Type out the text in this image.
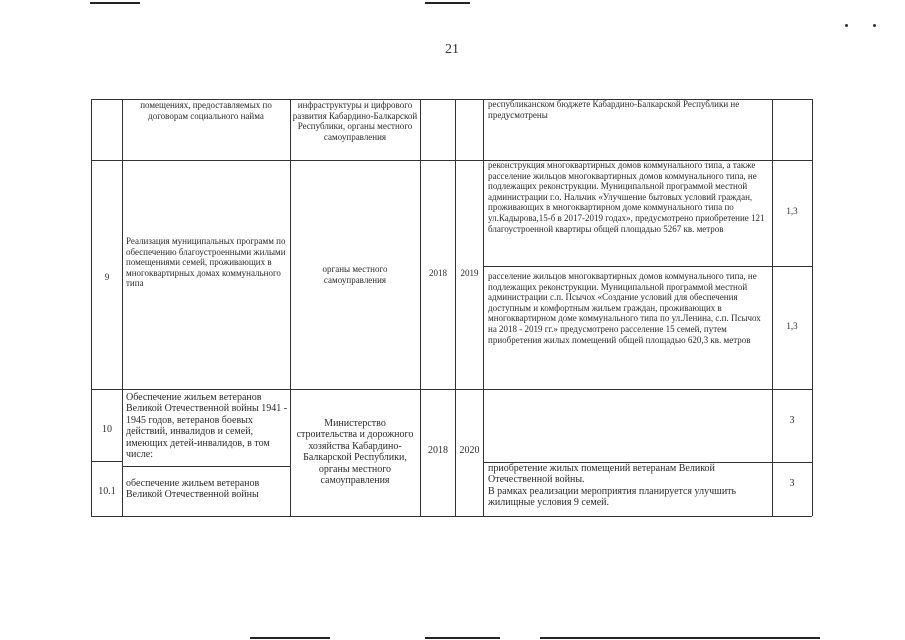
21
помещениях, предоставляемых по договорам социального найма
инфраструктуры и цифрового развития Кабардино-Балкарской Республики, органы местного самоуправления
республиканском бюджете Кабардино-Балкарской Республики не предусмотрены
9
Реализация муниципальных программ по обеспечению благоустроенными жилыми помещениями семей, проживающих в многоквартирных домах коммунального типа
органы местного самоуправления
2018	2019
реконструкция многоквартирных домов коммунального типа, а также расселение жильцов многоквартирных домов коммунального типа, не подлежащих реконструкции. Муниципальной программой местной администрации г.о. Нальчик «Улучшение бытовых условий граждан, проживающих в многоквартирном доме коммунального типа по ул.Кадырова,15-б в 2017-2019 годах», предусмотрено приобретение 121 благоустроенной квартиры общей площадью 5267 кв. метров
1,3
расселение жильцов многоквартирных домов коммунального типа, не подлежащих реконструкции. Муниципальной программой местной администрации с.п. Псычох «Создание условий для обеспечения доступным и комфортным жильем граждан, проживающих в многоквартирном доме коммунального типа по ул.Ленина, с.п. Псычох на 2018 - 2019 гг.» предусмотрено расселение 15 семей, путем приобретения жилых помещений общей площадью 620,3 кв. метров
1,3
10
Обеспечение жильем ветеранов Великой Отечественной войны 1941 - 1945 годов, ветеранов боевых действий, инвалидов и семей, имеющих детей-инвалидов, в том числе:
Министерство строительства и дорожного хозяйства Кабардино-Балкарской Республики, органы местного самоуправления
2018	2020
3
10.1
обеспечение жильем ветеранов Великой Отечественной войны
приобретение жилых помещений ветеранам Великой Отечественной войны.
В рамках реализации мероприятия планируется улучшить жилищные условия 9 семей.
3
